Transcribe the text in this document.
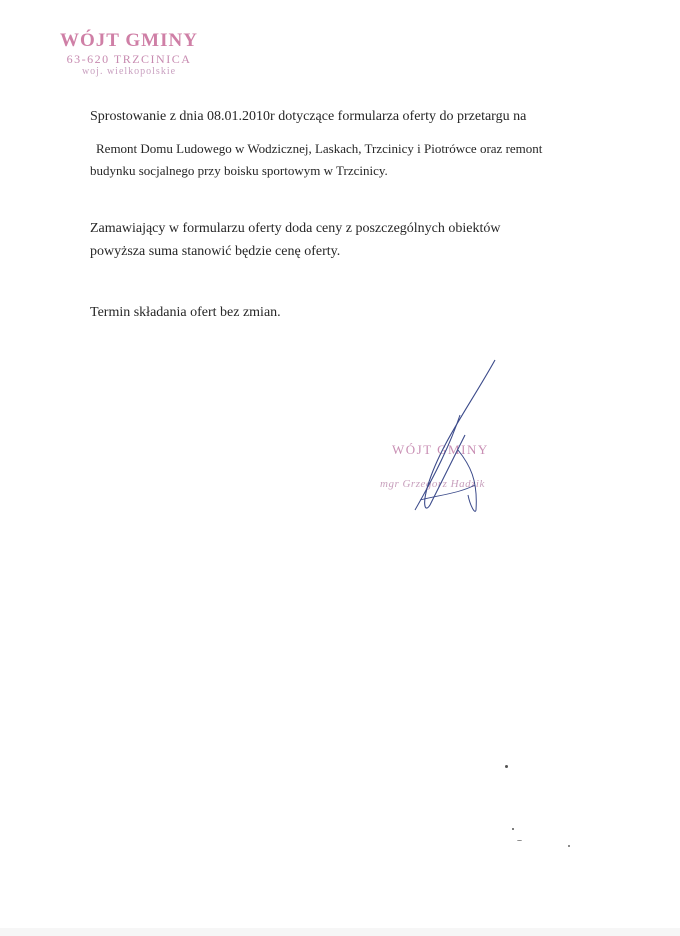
WÓJT GMINY
63-620 TRZCINICA
woj. wielkopolskie
Sprostowanie z dnia 08.01.2010r dotyczące formularza oferty do przetargu na
Remont Domu Ludowego w Wodzicznej, Laskach, Trzcinicy i Piotrówce oraz remont
budynku socjalnego przy boisku sportowym w Trzcinicy.
Zamawiający w formularzu oferty doda ceny z poszczególnych obiektów
powyższa suma stanowić będzie cenę oferty.
Termin składania ofert bez zmian.
WÓJT GMINY
mgr Grzegorz Hadzik
